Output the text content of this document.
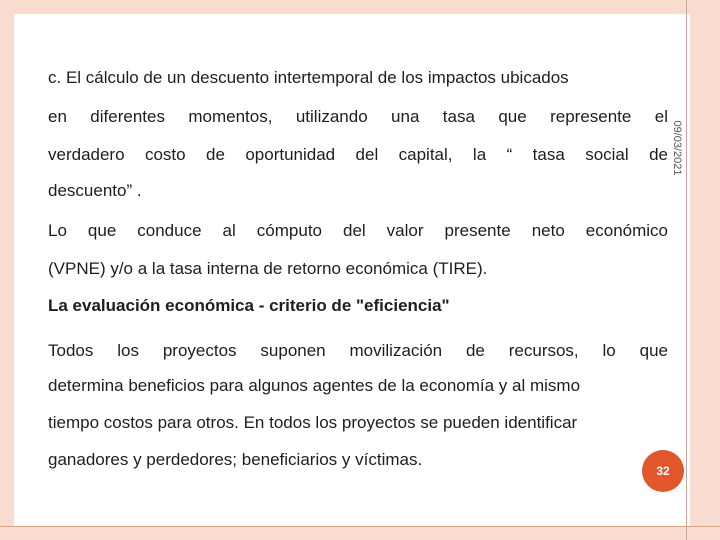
09/03/2021
c. El cálculo de un descuento intertemporal de los impactos ubicados
en diferentes momentos, utilizando una tasa que represente el
verdadero costo de oportunidad del capital, la “ tasa social de
descuento” .
Lo que conduce al cómputo del valor presente neto económico
(VPNE) y/o a la tasa interna de retorno económica (TIRE).
La evaluación económica - criterio de "eficiencia"
Todos los proyectos suponen movilización de recursos, lo que
determina beneficios para algunos agentes de la economía y al mismo
tiempo costos para otros. En todos los proyectos se pueden identificar
ganadores y perdedores; beneficiarios y víctimas.
32
